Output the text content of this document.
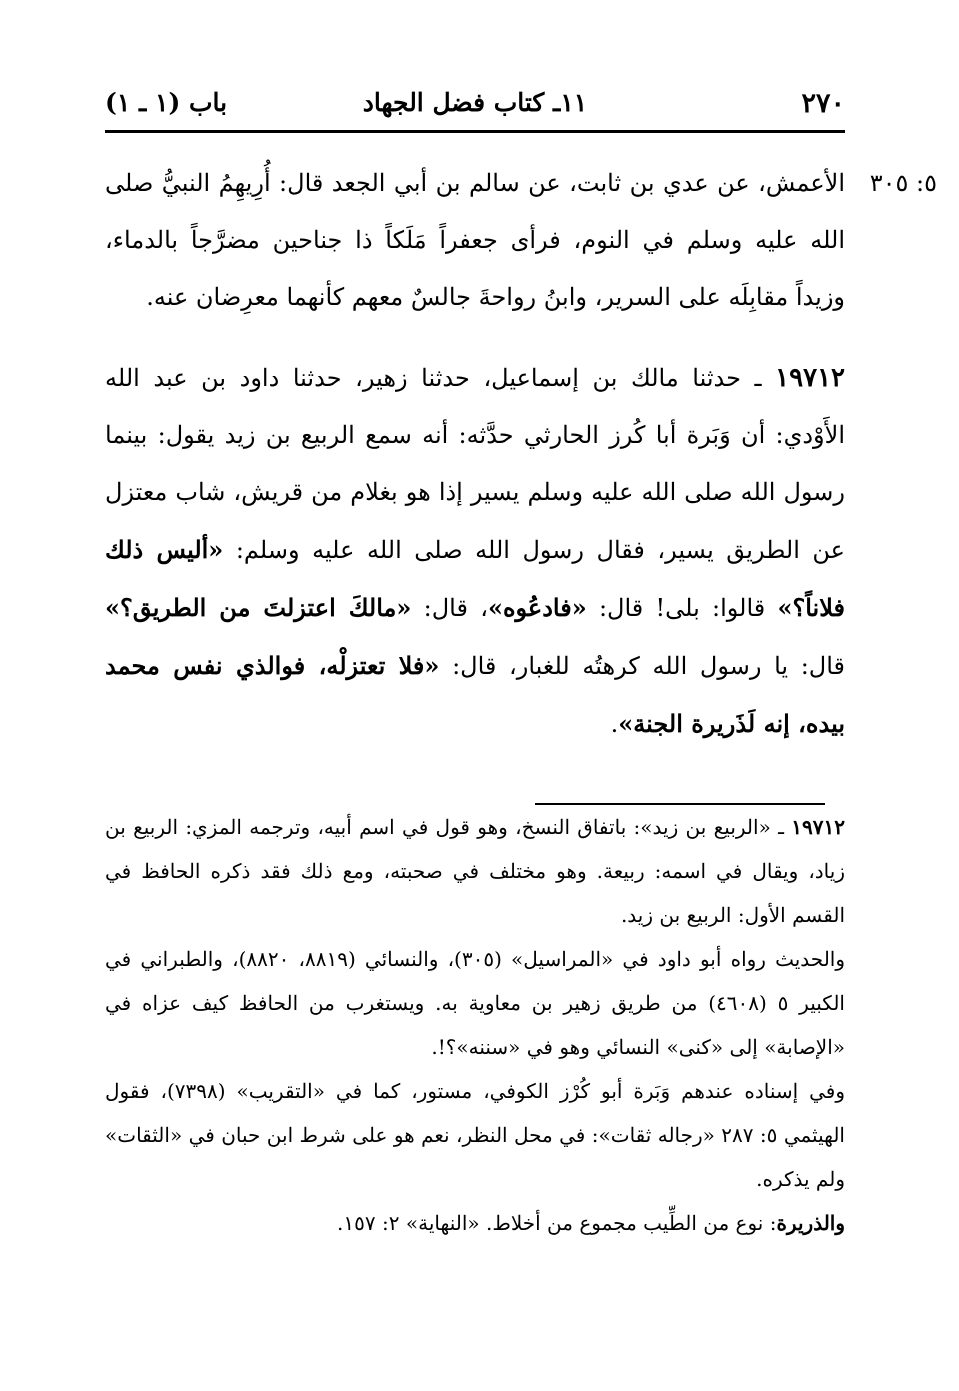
٢٧٠
١١ـ كتاب فضل الجهاد
باب (١ ـ ١)

٥: ٣٠٥
الأعمش، عن عدي بن ثابت، عن سالم بن أبي الجعد قال: أُرِيهِمُ النبيُّ صلى الله عليه وسلم في النوم، فرأى جعفراً مَلَكاً ذا جناحين مضرَّجاً بالدماء، وزيداً مقابِلَه على السرير، وابنُ رواحةَ جالسٌ معهم كأنهما معرِضان عنه.

١٩٧١٢ ـ حدثنا مالك بن إسماعيل، حدثنا زهير، حدثنا داود بن عبد الله الأَوْدي: أن وَبَرة أبا كُرز الحارثي حدَّثه: أنه سمع الربيع بن زيد يقول: بينما رسول الله صلى الله عليه وسلم يسير إذا هو بغلام من قريش، شاب معتزل عن الطريق يسير، فقال رسول الله صلى الله عليه وسلم: «أليس ذلك فلاناً؟» قالوا: بلى! قال: «فادعُوه»، قال: «مالكَ اعتزلتَ من الطريق؟» قال: يا رسول الله كرهتُه للغبار، قال: «فلا تعتزلْه، فوالذي نفس محمد بيده، إنه لَذَريرة الجنة».

١٩٧١٢ ـ «الربيع بن زيد»: باتفاق النسخ، وهو قول في اسم أبيه، وترجمه المزي: الربيع بن زياد، ويقال في اسمه: ربيعة. وهو مختلف في صحبته، ومع ذلك فقد ذكره الحافظ في القسم الأول: الربيع بن زيد.

والحديث رواه أبو داود في «المراسيل» (٣٠٥)، والنسائي (٨٨١٩، ٨٨٢٠)، والطبراني في الكبير ٥ (٤٦٠٨) من طريق زهير بن معاوية به. ويستغرب من الحافظ كيف عزاه في «الإصابة» إلى «كنى» النسائي وهو في «سننه»؟!.

وفي إسناده عندهم وَبَرة أبو كُرْز الكوفي، مستور، كما في «التقريب» (٧٣٩٨)، فقول الهيثمي ٥: ٢٨٧ «رجاله ثقات»: في محل النظر، نعم هو على شرط ابن حبان في «الثقات» ولم يذكره.

والذريرة: نوع من الطِّيب مجموع من أخلاط. «النهاية» ٢: ١٥٧.
